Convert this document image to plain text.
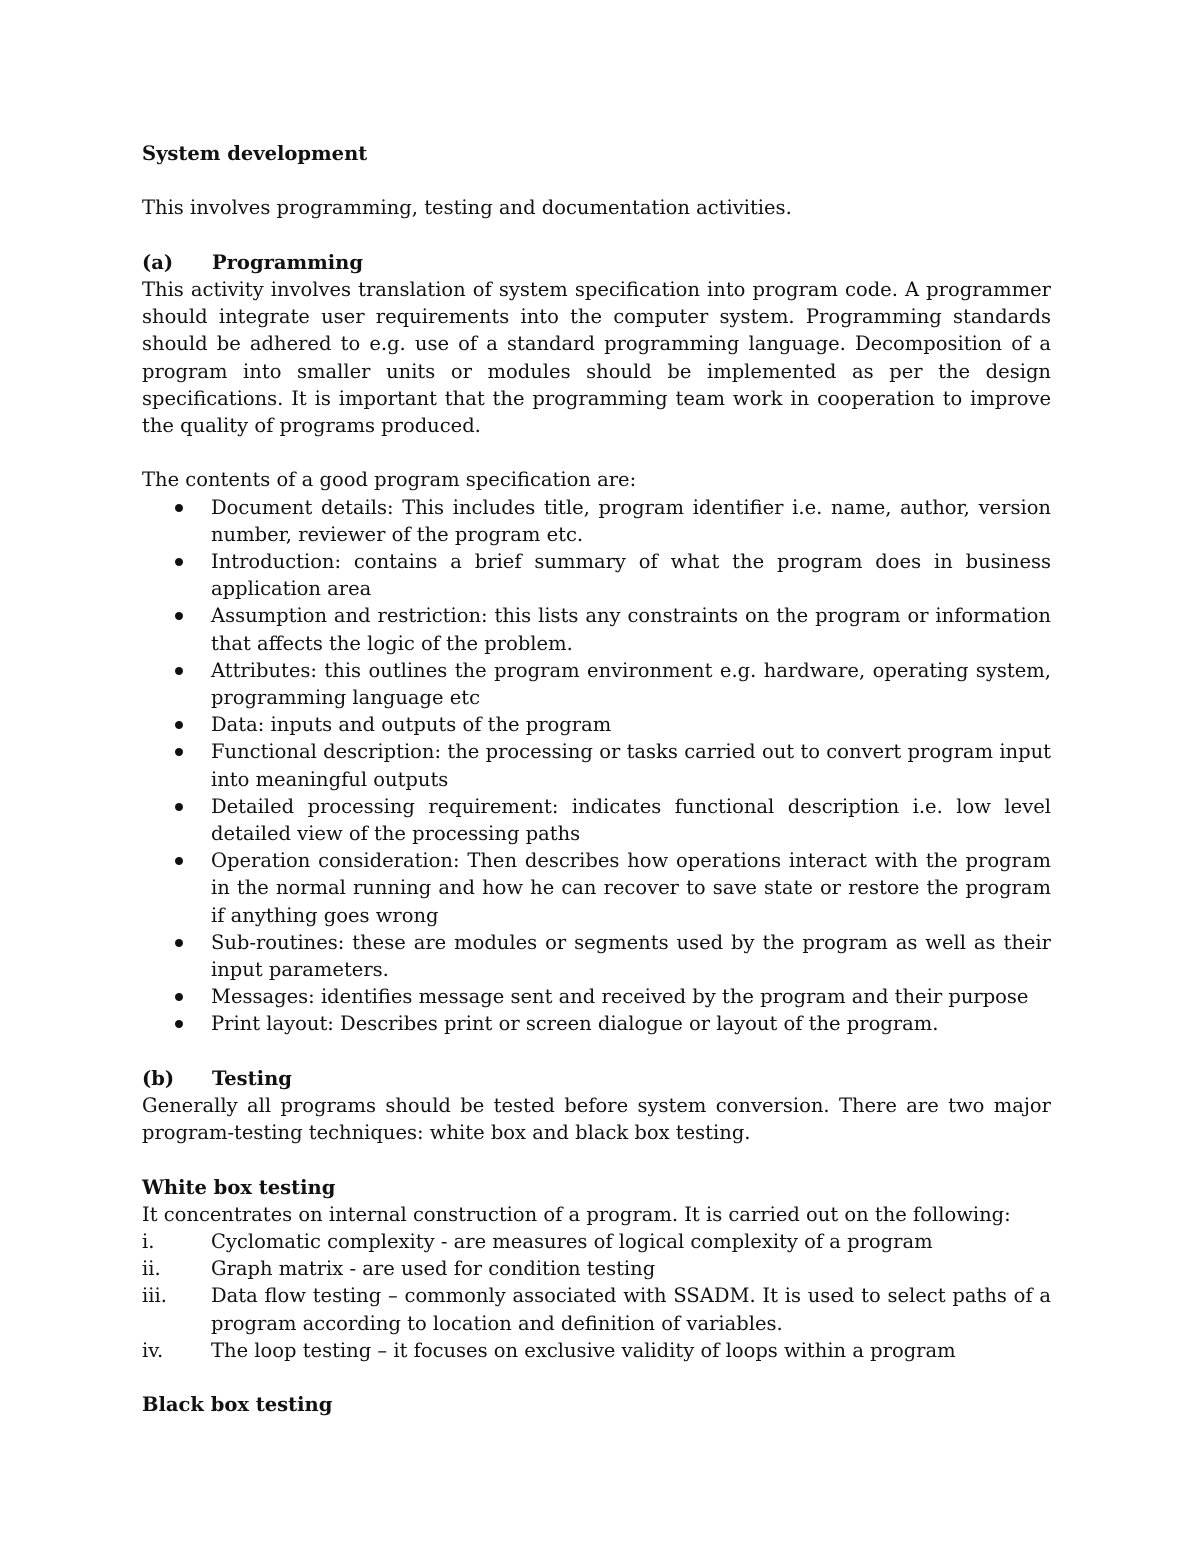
System development

This involves programming, testing and documentation activities.

(a)	Programming

This activity involves translation of system specification into program code. A programmer should integrate user requirements into the computer system. Programming standards should be adhered to e.g. use of a standard programming language. Decomposition of a program into smaller units or modules should be implemented as per the design specifications. It is important that the programming team work in cooperation to improve the quality of programs produced.

The contents of a good program specification are:

Document details: This includes title, program identifier i.e. name, author, version number, reviewer of the program etc.
Introduction: contains a brief summary of what the program does in business application area
Assumption and restriction: this lists any constraints on the program or information that affects the logic of the problem.
Attributes: this outlines the program environment e.g. hardware, operating system, programming language etc
Data: inputs and outputs of the program
Functional description: the processing or tasks carried out to convert program input into meaningful outputs
Detailed processing requirement: indicates functional description i.e. low level detailed view of the processing paths
Operation consideration: Then describes how operations interact with the program in the normal running and how he can recover to save state or restore the program if anything goes wrong
Sub-routines: these are modules or segments used by the program as well as their input parameters.
Messages: identifies message sent and received by the program and their purpose
Print layout: Describes print or screen dialogue or layout of the program.
(b)	Testing

Generally all programs should be tested before system conversion. There are two major program-testing techniques: white box and black box testing.

White box testing

It concentrates on internal construction of a program. It is carried out on the following:

i.	Cyclomatic complexity - are measures of logical complexity of a program
ii.	Graph matrix - are used for condition testing
iii.	Data flow testing – commonly associated with SSADM. It is used to select paths of a program according to location and definition of variables.
iv.	The loop testing – it focuses on exclusive validity of loops within a program
Black box testing
